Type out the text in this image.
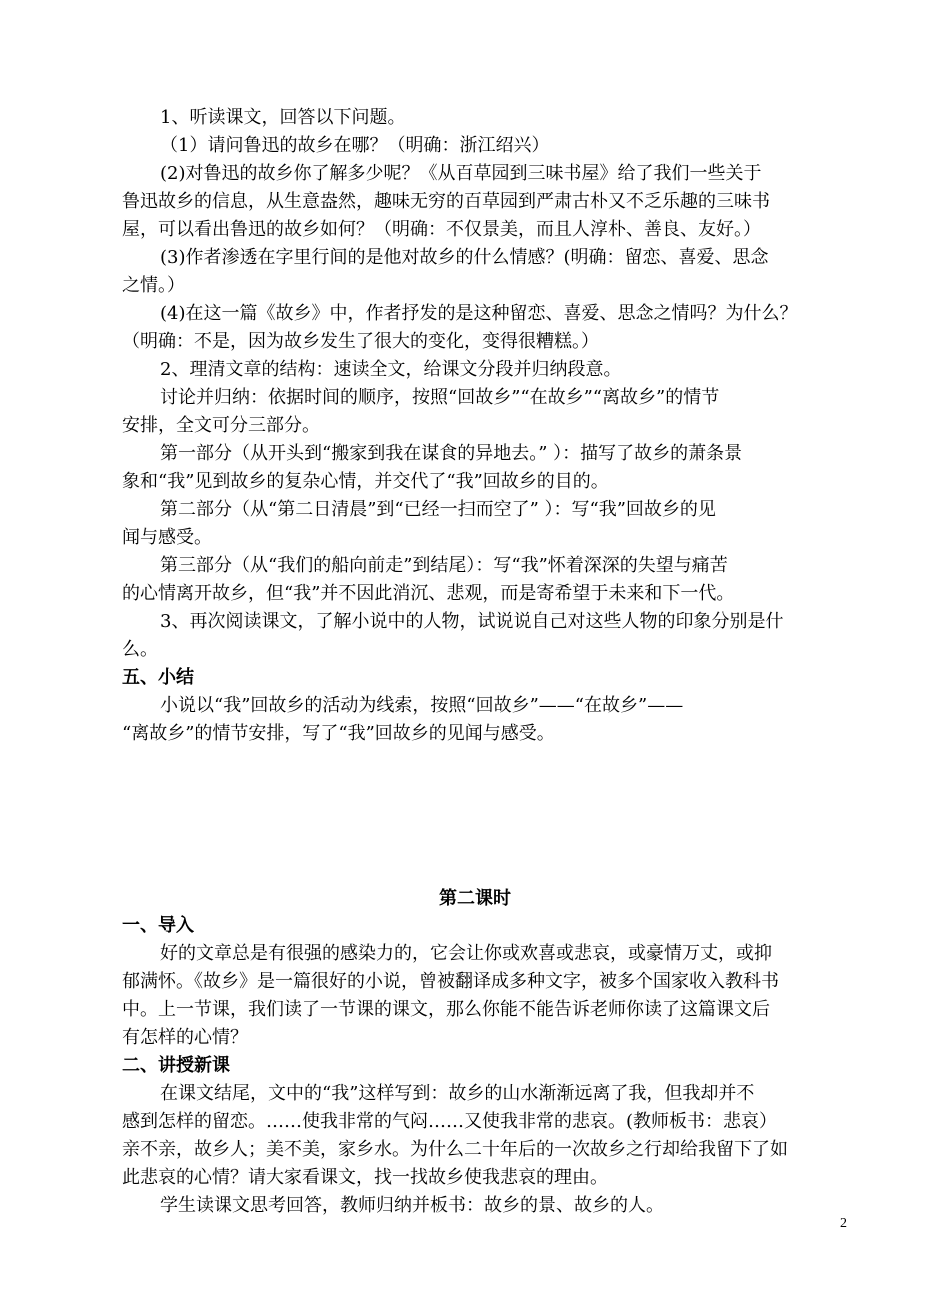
1、听读课文，回答以下问题。
（1）请问鲁迅的故乡在哪？（明确：浙江绍兴）
(2)对鲁迅的故乡你了解多少呢？《从百草园到三味书屋》给了我们一些关于
鲁迅故乡的信息，从生意盎然，趣味无穷的百草园到严肃古朴又不乏乐趣的三味书
屋，可以看出鲁迅的故乡如何？（明确：不仅景美，而且人淳朴、善良、友好。）
(3)作者渗透在字里行间的是他对故乡的什么情感？(明确：留恋、喜爱、思念
之情。）
(4)在这一篇《故乡》中，作者抒发的是这种留恋、喜爱、思念之情吗？为什么？
（明确：不是，因为故乡发生了很大的变化，变得很糟糕。）
2、理清文章的结构：速读全文，给课文分段并归纳段意。
讨论并归纳：依据时间的顺序，按照“回故乡”“在故乡”“离故乡”的情节
安排，全文可分三部分。
第一部分（从开头到“搬家到我在谋食的异地去。” ）：描写了故乡的萧条景
象和“我”见到故乡的复杂心情，并交代了“我”回故乡的目的。
第二部分（从“第二日清晨”到“已经一扫而空了” ）：写“我”回故乡的见
闻与感受。
第三部分（从“我们的船向前走”到结尾）：写“我”怀着深深的失望与痛苦
的心情离开故乡，但“我”并不因此消沉、悲观，而是寄希望于未来和下一代。
3、再次阅读课文，了解小说中的人物，试说说自己对这些人物的印象分别是什
么。
五、小结
小说以“我”回故乡的活动为线索，按照“回故乡”——“在故乡”——
“离故乡”的情节安排，写了“我”回故乡的见闻与感受。
第二课时
一、导入
好的文章总是有很强的感染力的，它会让你或欢喜或悲哀，或豪情万丈，或抑
郁满怀。《故乡》是一篇很好的小说，曾被翻译成多种文字，被多个国家收入教科书
中。上一节课，我们读了一节课的课文，那么你能不能告诉老师你读了这篇课文后
有怎样的心情？
二、讲授新课
在课文结尾，文中的“我”这样写到：故乡的山水渐渐远离了我，但我却并不
感到怎样的留恋。……使我非常的气闷……又使我非常的悲哀。(教师板书：悲哀）
亲不亲，故乡人；美不美，家乡水。为什么二十年后的一次故乡之行却给我留下了如
此悲哀的心情？请大家看课文，找一找故乡使我悲哀的理由。
学生读课文思考回答，教师归纳并板书：故乡的景、故乡的人。
2
